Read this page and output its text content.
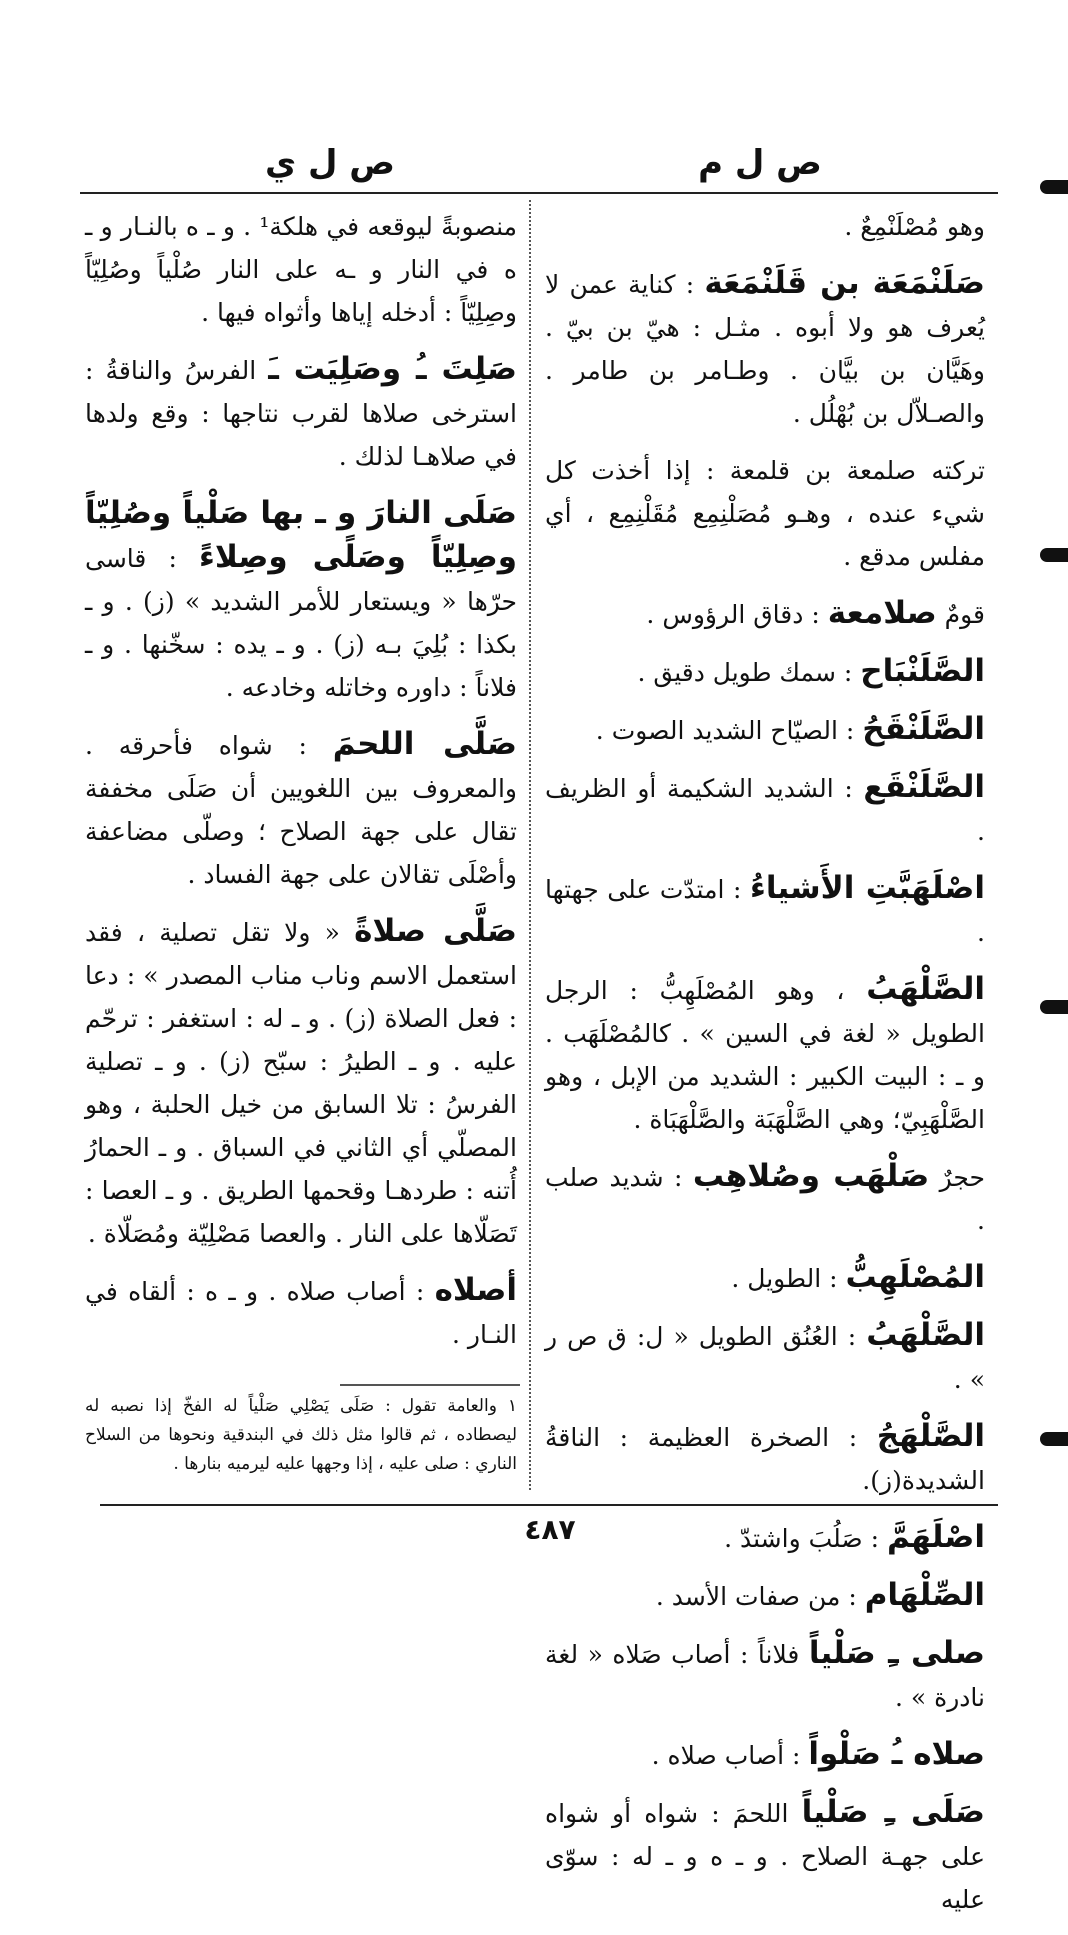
ص ل م
ص ل ي

وهو مُصْلَنْمِعٌ .

صَلَنْمَعَة بن قَلَنْمَعَة : كناية عمن لا يُعرف هو ولا أبوه . مثـل : هيّ بن بيّ . وهَيَّان بن بيَّان . وطـامر بن طامر . والصـلاّل بن بُهْلُل .

تركته صلمعة بن قلمعة : إذا أخذت كل شيء عنده ، وهـو مُصَلْنِمِع مُقَلْنِمِع ، أي مفلس مدقع .

قومٌ صلامعة : دقاق الرؤوس .

الصَّلَنْبَاح : سمك طويل دقيق .

الصَّلَنْقَحُ : الصيّاح الشديد الصوت .

الصَّلَنْقَع : الشديد الشكيمة أو الظريف .

اصْلَهَبَّتِ الأَشياءُ : امتدّت على جهتها .

الصَّلْهَبُ ، وهو المُصْلَهِبُّ : الرجل الطويل « لغة في السين » . كالمُصْلَهَب . و ـ : البيت الكبير : الشديد من الإبل ، وهو الصَّلْهَبِيّ؛ وهي الصَّلْهَبَة والصَّلْهَبَاة .

حجرٌ صَلْهَب وصُلاهِب : شديد صلب .

المُصْلَهِبُّ : الطويل .

الصَّلْهَبُ : العُنُق الطويل « ل: ق ص ر » .

الصَّلْهَجُ : الصخرة العظيمة : الناقةُ الشديدة(ز).

اصْلَهَمَّ : صَلُبَ واشتدّ .

الصِّلْهَام : من صفات الأسد .

صلى ـِ صَلْياً فلاناً : أصاب صَلاه « لغة نادرة » .

صلاه ـُ صَلْواً : أصاب صلاه .

صَلَى ـِ صَلْياً اللحمَ : شواه أو شواه على جهـة الصلاح . و ـ ه و ـ له : سوّى عليه

منصوبةً ليوقعه في هلكة¹ . و ـ ه بالنـار و ـ ه في النار و ـه على النار صُلْياً وصُلِيّاً وصِلِيّاً : أدخله إياها وأثواه فيها .

صَلِتَ ـُ وصَلِيَت ـَ الفرسُ والناقةُ : استرخى صلاها لقرب نتاجها : وقع ولدها في صلاهـا لذلك .

صَلَى النارَ و ـ بها صَلْياً وصُلِيّاً وصِلِيّاً وصَلًى وصِلاءً : قاسى حرّها « ويستعار للأمر الشديد » (ز) . و ـ بكذا : بُلِيَ بـه (ز) . و ـ يده : سخّنها . و ـ فلاناً : داوره وخاتله وخادعه .

صَلَّى اللحمَ : شواه فأحرقه . والمعروف بين اللغويين أن صَلَى مخففة تقال على جهة الصلاح ؛ وصلّى مضاعفة وأصْلَى تقالان على جهة الفساد .

صَلَّى صلاةً « ولا تقل تصلية ، فقد استعمل الاسم وناب مناب المصدر » : دعا : فعل الصلاة (ز) . و ـ له : استغفر : ترحّم عليه . و ـ الطيرُ : سبّح (ز) . و ـ تصلية الفرسُ : تلا السابق من خيل الحلبة ، وهو المصلّي أي الثاني في السباق . و ـ الحمارُ أُتنه : طردهـا وقحمها الطريق . و ـ العصا : تَصَلّاها على النار . والعصا مَصْلِيّة ومُصَلّاة .

أصلاه : أصاب صلاه . و ـ ه : ألقاه في النـار .

١ والعامة تقول : صَلَى يَصْلِي صَلْياً له الفخّ إذا نصبه له ليصطاده ، ثم قالوا مثل ذلك في البندقية ونحوها من السلاح الناري : صلى عليه ، إذا وجهها عليه ليرميه بنارها .
٤٨٧
